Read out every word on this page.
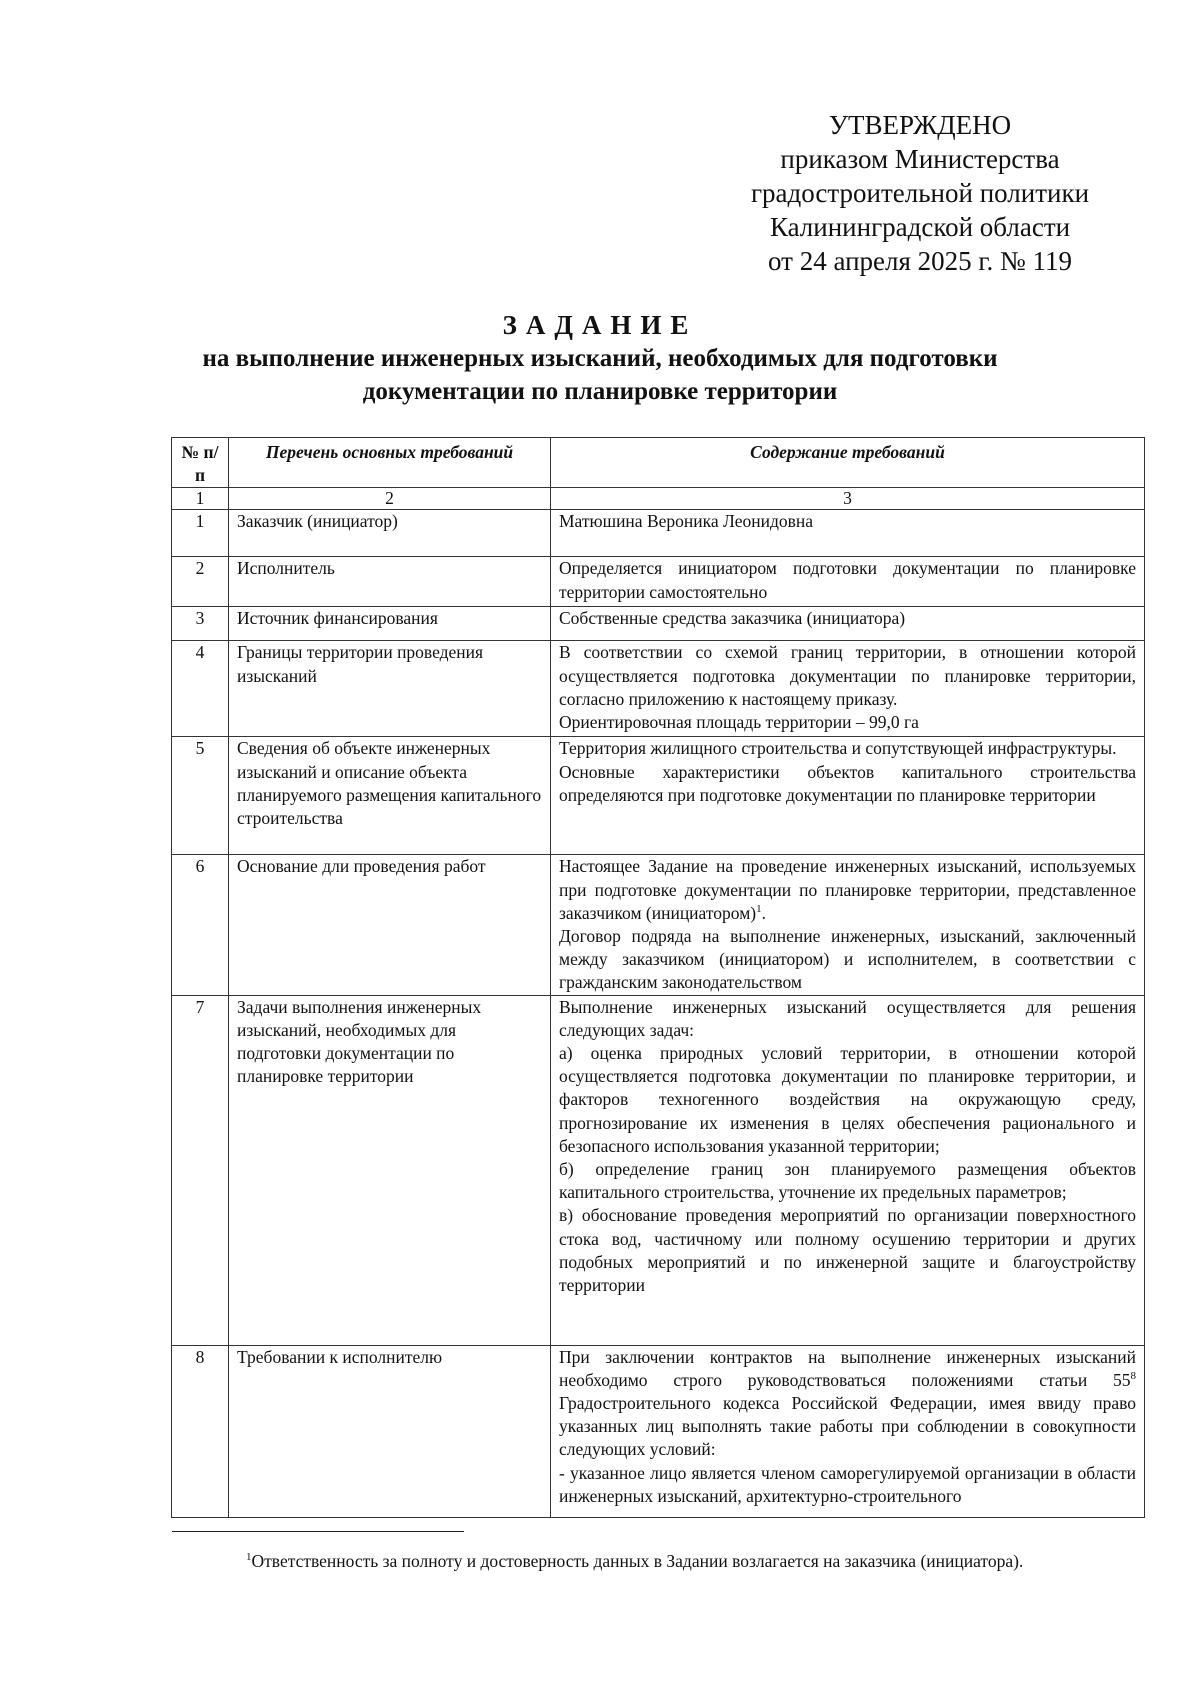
УТВЕРЖДЕНО
приказом Министерства
градостроительной политики
Калининградской области
от 24 апреля 2025 г. № 119
ЗАДАНИЕ
на выполнение инженерных изысканий, необходимых для подготовки
документации по планировке территории
№ п/п	Перечень основных требований	Содержание требований
1	2	3
1	Заказчик (инициатор)	Матюшина Вероника Леонидовна

2	Исполнитель	Определяется инициатором подготовки документации по планировке территории самостоятельно

3	Источник финансирования	Собственные средства заказчика (инициатора)

4	Границы территории проведения изысканий	В соответствии со схемой границ территории, в отношении которой осуществляется подготовка документации по планировке территории, согласно приложению к настоящему приказу.

Ориентировочная площадь территории – 99,0 га

5	Сведения об объекте инженерных изысканий и описание объекта планируемого размещения капитального строительства	Территория жилищного строительства и сопутствующей инфраструктуры.

Основные характеристики объектов капитального строительства определяются при подготовке документации по планировке территории

6	Основание дли проведения работ	Настоящее Задание на проведение инженерных изысканий, используемых при подготовке документации по планировке территории, представленное заказчиком (инициатором)$^1$.

Договор подряда на выполнение инженерных, изысканий, заключенный между заказчиком (инициатором) и исполнителем, в соответствии с гражданским законодательством

7	Задачи выполнения инженерных изысканий, необходимых для подготовки документации по планировке территории	Выполнение инженерных изысканий осуществляется для решения следующих задач:

а) оценка природных условий территории, в отношении которой осуществляется подготовка документации по планировке территории, и факторов техногенного воздействия на окружающую среду, прогнозирование их изменения в целях обеспечения рационального и безопасного использования указанной территории;

б) определение границ зон планируемого размещения объектов капитального строительства, уточнение их предельных параметров;

в) обоснование проведения мероприятий по организации поверхностного стока вод, частичному или полному осушению территории и других подобных мероприятий и по инженерной защите и благоустройству территории

8	Требовании к исполнителю	При заключении контрактов на выполнение инженерных изысканий необходимо строго руководствоваться положениями статьи $55^8$ Градостроительного кодекса Российской Федерации, имея ввиду право указанных лиц выполнять такие работы при соблюдении в совокупности следующих условий:

- указанное лицо является членом саморегулируемой организации в области инженерных изысканий, архитектурно-строительного

$^1$Ответственность за полноту и достоверность данных в Задании возлагается на заказчика (инициатора).
